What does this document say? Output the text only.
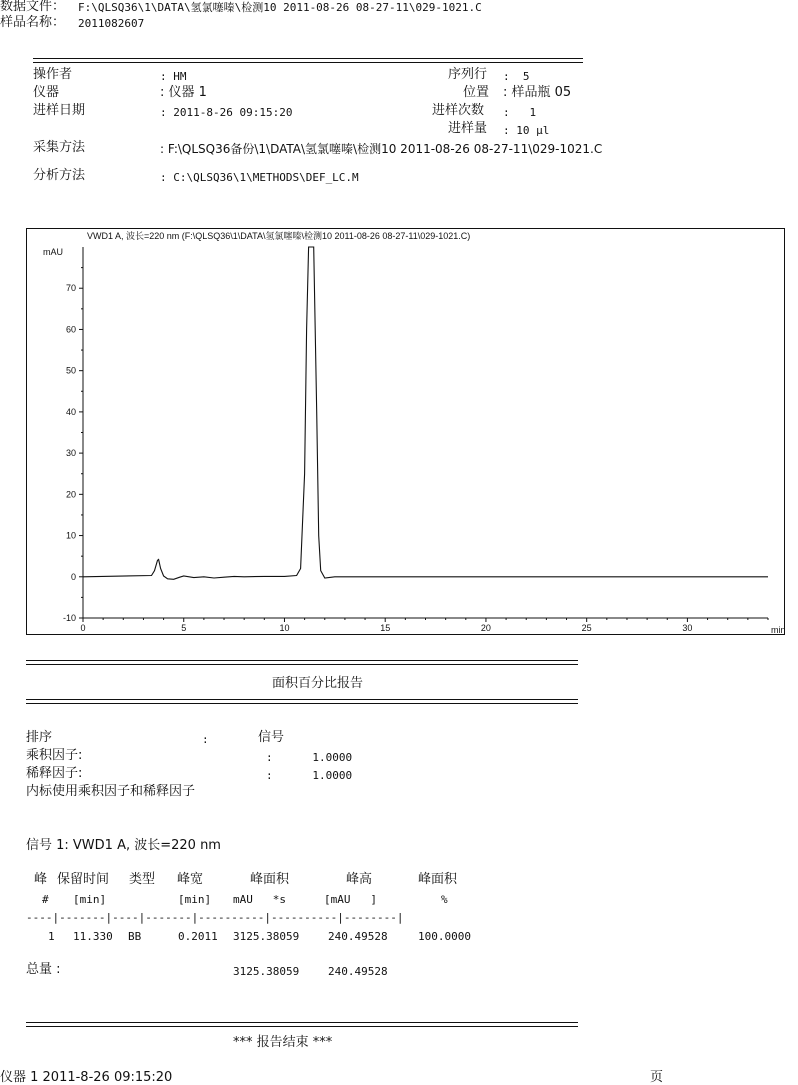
数据文件： F:\QLSQ36\1\DATA\氢氯噻嗪\检测10 2011-08-26 08-27-11\029-1021.C
样品名称： 2011082607
操作者	: HM	序列行 :  5
仪器	: 仪器 1	位置 : 样品瓶 05
进样日期	: 2011-8-26 09:15:20	进样次数 :   1
进样量 : 10 µl
采集方法	: F:\QLSQ36备份\1\DATA\氢氯噻嗪\检测10 2011-08-26 08-27-11\029-1021.C
分析方法	: C:\QLSQ36\1\METHODS\DEF_LC.M
VWD1 A, 波长=220 nm (F:\QLSQ36\1\DATA\氢氯噻嗪\检测10 2011-08-26 08-27-11\029-1021.C)
mAU
min
-10
0
10
20
30
40
50
60
70
0	5	10	15	20	25	30
面积百分比报告
排序	:	信号
乘积因子:	:      1.0000
稀释因子:	:      1.0000
内标使用乘积因子和稀释因子
信号 1: VWD1 A, 波长=220 nm
峰 保留时间 类型 峰宽	峰面积	峰高	峰面积
# [min]	[min] mAU   *s	[mAU   ]	%
----|-------|----|-------|----------|----------|--------|
1 11.330 BB	0.2011 3125.38059	240.49528	100.0000
总量 :	3125.38059	240.49528
*** 报告结束 ***
仪器 1 2011-8-26 09:15:20	页
